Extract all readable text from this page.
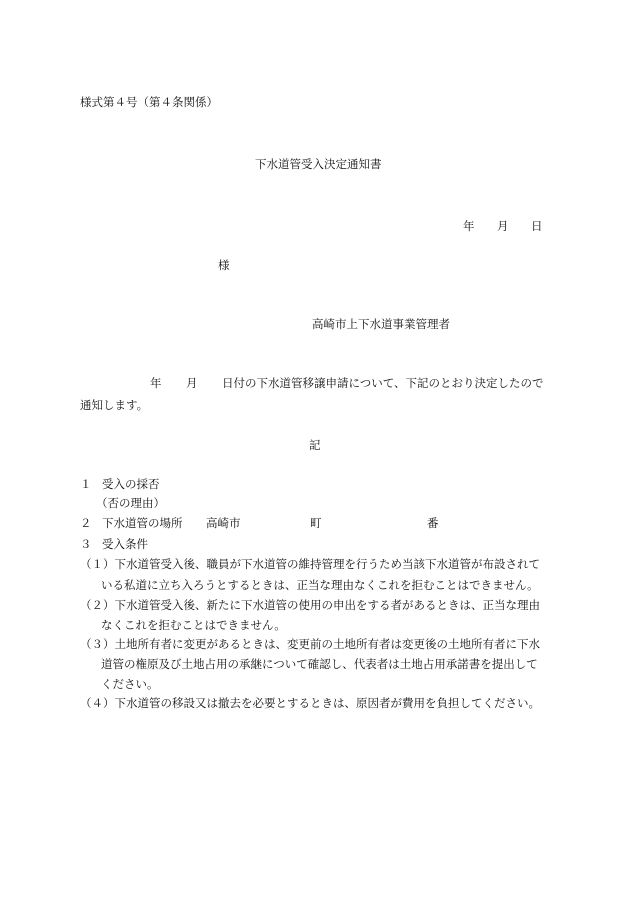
様式第４号（第４条関係）
下水道管受入決定通知書
年 月 日
様
高崎市上下水道事業管理者
年 月 日付の下水道管移譲申請について、下記のとおり決定したので
通知します。
記
１ 受入の採否
（否の理由）
２ 下水道管の場所 高崎市	町	番
３ 受入条件
（１）下水道管受入後、職員が下水道管の維持管理を行うため当該下水道管が布設されて
いる私道に立ち入ろうとするときは、正当な理由なくこれを拒むことはできません。
（２）下水道管受入後、新たに下水道管の使用の申出をする者があるときは、正当な理由
なくこれを拒むことはできません。
（３）土地所有者に変更があるときは、変更前の土地所有者は変更後の土地所有者に下水
道管の権原及び土地占用の承継について確認し、代表者は土地占用承諾書を提出して
ください。
（４）下水道管の移設又は撤去を必要とするときは、原因者が費用を負担してください。
